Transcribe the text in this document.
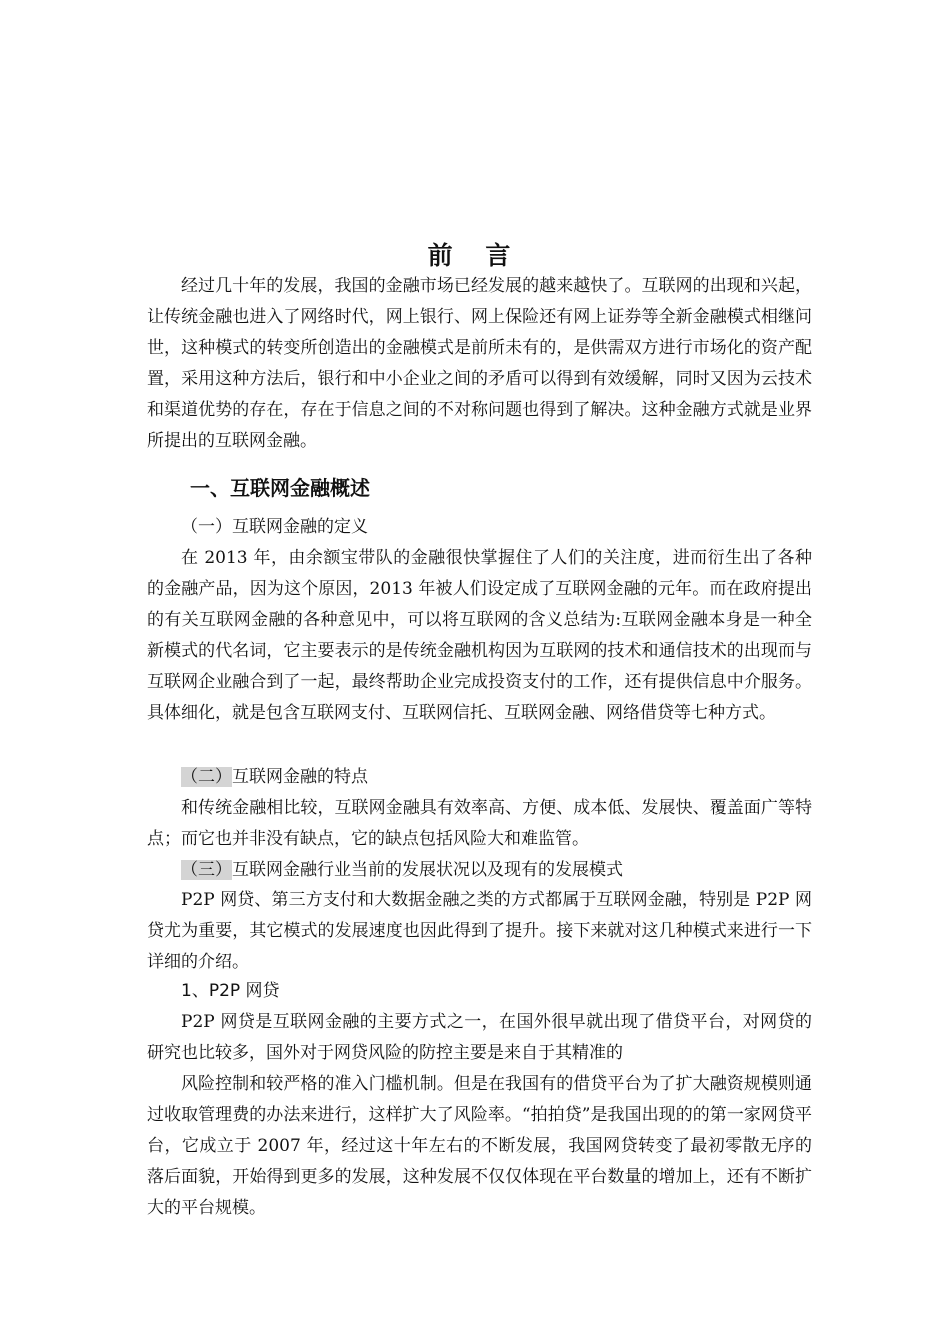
前 言

经过几十年的发展，我国的金融市场已经发展的越来越快了。互联网的出现和兴起，让传统金融也进入了网络时代，网上银行、网上保险还有网上证券等全新金融模式相继问世，这种模式的转变所创造出的金融模式是前所未有的，是供需双方进行市场化的资产配置，采用这种方法后，银行和中小企业之间的矛盾可以得到有效缓解，同时又因为云技术和渠道优势的存在，存在于信息之间的不对称问题也得到了解决。这种金融方式就是业界所提出的互联网金融。

一、互联网金融概述
（一）互联网金融的定义

在 2013 年，由余额宝带队的金融很快掌握住了人们的关注度，进而衍生出了各种的金融产品，因为这个原因，2013 年被人们设定成了互联网金融的元年。而在政府提出的有关互联网金融的各种意见中，可以将互联网的含义总结为:互联网金融本身是一种全新模式的代名词，它主要表示的是传统金融机构因为互联网的技术和通信技术的出现而与互联网企业融合到了一起，最终帮助企业完成投资支付的工作，还有提供信息中介服务。具体细化，就是包含互联网支付、互联网信托、互联网金融、网络借贷等七种方式。

（二）互联网金融的特点

和传统金融相比较，互联网金融具有效率高、方便、成本低、发展快、覆盖面广等特点；而它也并非没有缺点，它的缺点包括风险大和难监管。

（三）互联网金融行业当前的发展状况以及现有的发展模式

P2P 网贷、第三方支付和大数据金融之类的方式都属于互联网金融，特别是 P2P 网贷尤为重要，其它模式的发展速度也因此得到了提升。接下来就对这几种模式来进行一下详细的介绍。

1、P2P 网贷

P2P 网贷是互联网金融的主要方式之一，在国外很早就出现了借贷平台，对网贷的研究也比较多，国外对于网贷风险的防控主要是来自于其精准的

风险控制和较严格的准入门槛机制。但是在我国有的借贷平台为了扩大融资规模则通过收取管理费的办法来进行，这样扩大了风险率。“拍拍贷”是我国出现的的第一家网贷平台，它成立于 2007 年，经过这十年左右的不断发展，我国网贷转变了最初零散无序的落后面貌，开始得到更多的发展，这种发展不仅仅体现在平台数量的增加上，还有不断扩大的平台规模。
